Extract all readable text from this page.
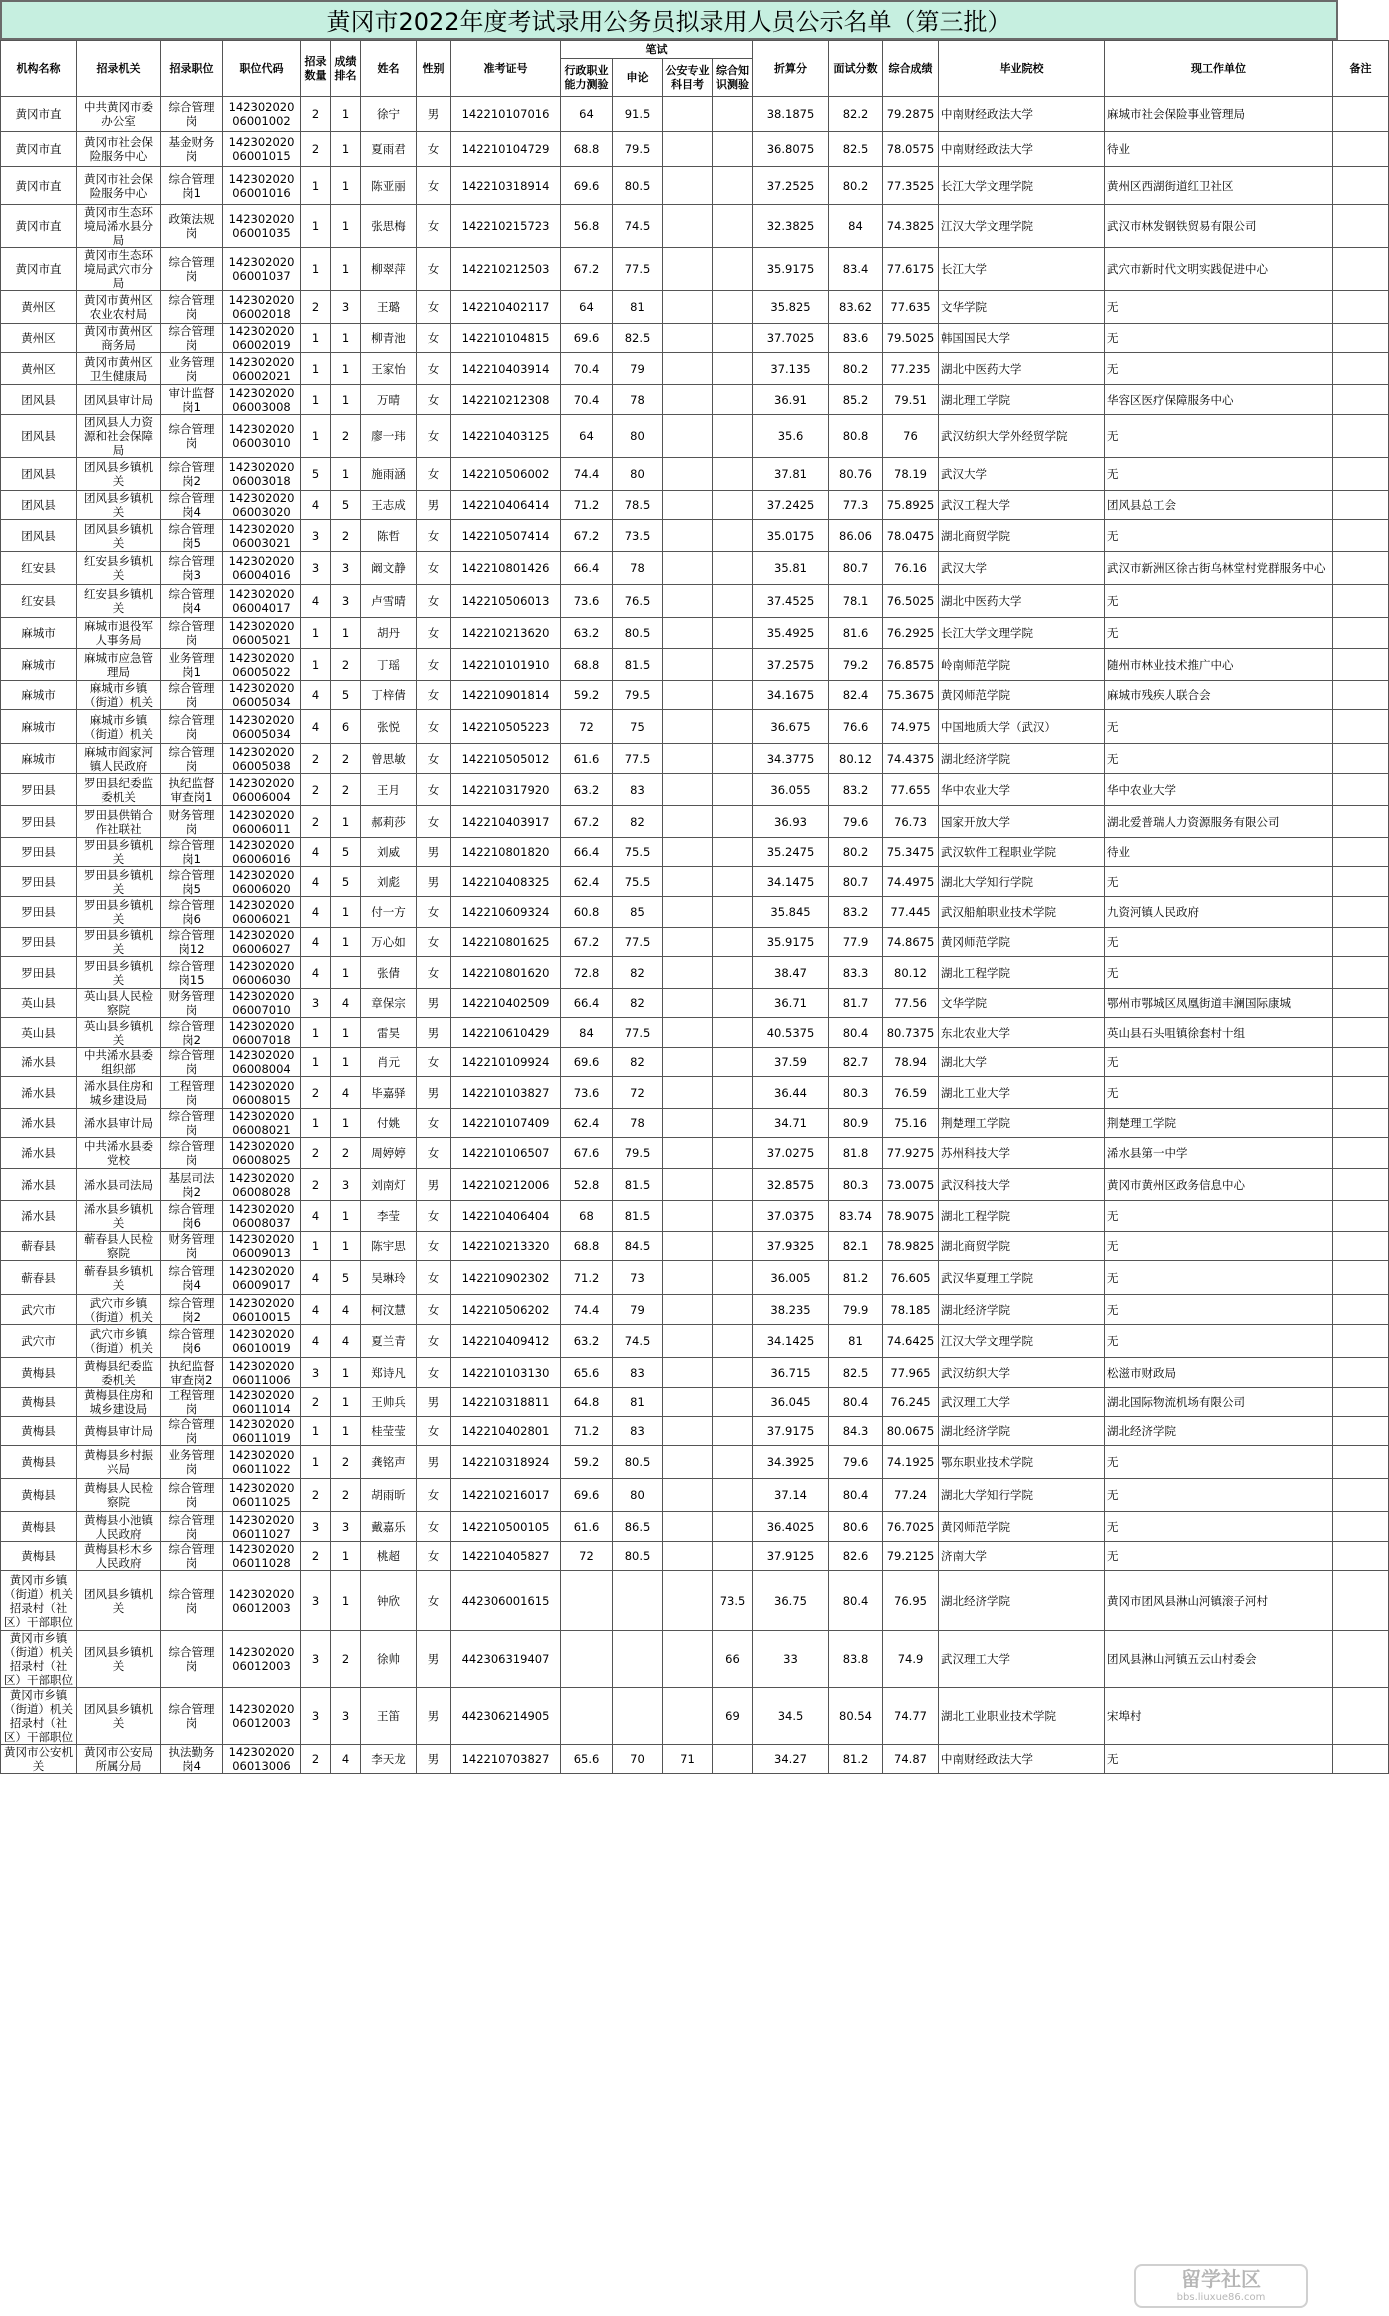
黄冈市2022年度考试录用公务员拟录用人员公示名单（第三批）
机构名称	招录机关	招录职位	职位代码	招录数量	成绩排名	姓名	性别	准考证号	笔试				折算分	面试分数	综合成绩	毕业院校	现工作单位	备注
									行政职业能力测验	申论	公安专业科目考	综合知识测验						
黄冈市直	中共黄冈市委办公室	综合管理岗	14230202006001002	2	1	徐宁	男	142210107016	64	91.5			38.1875	82.2	79.2875	中南财经政法大学	麻城市社会保险事业管理局	
黄冈市直	黄冈市社会保险服务中心	基金财务岗	14230202006001015	2	1	夏雨君	女	142210104729	68.8	79.5			36.8075	82.5	78.0575	中南财经政法大学	待业	
黄冈市直	黄冈市社会保险服务中心	综合管理岗1	14230202006001016	1	1	陈亚丽	女	142210318914	69.6	80.5			37.2525	80.2	77.3525	长江大学文理学院	黄州区西湖街道红卫社区	
黄冈市直	黄冈市生态环境局浠水县分局	政策法规岗	14230202006001035	1	1	张思梅	女	142210215723	56.8	74.5			32.3825	84	74.3825	江汉大学文理学院	武汉市林发钢铁贸易有限公司	
黄冈市直	黄冈市生态环境局武穴市分局	综合管理岗	14230202006001037	1	1	柳翠萍	女	142210212503	67.2	77.5			35.9175	83.4	77.6175	长江大学	武穴市新时代文明实践促进中心	
黄州区	黄冈市黄州区农业农村局	综合管理岗	14230202006002018	2	3	王璐	女	142210402117	64	81			35.825	83.62	77.635	文华学院	无	
黄州区	黄冈市黄州区商务局	综合管理岗	14230202006002019	1	1	柳青池	女	142210104815	69.6	82.5			37.7025	83.6	79.5025	韩国国民大学	无	
黄州区	黄冈市黄州区卫生健康局	业务管理岗	14230202006002021	1	1	王家怡	女	142210403914	70.4	79			37.135	80.2	77.235	湖北中医药大学	无	
团风县	团风县审计局	审计监督岗1	14230202006003008	1	1	万晴	女	142210212308	70.4	78			36.91	85.2	79.51	湖北理工学院	华容区医疗保障服务中心	
团风县	团风县人力资源和社会保障局	综合管理岗	14230202006003010	1	2	廖一玮	女	142210403125	64	80			35.6	80.8	76	武汉纺织大学外经贸学院	无	
团风县	团风县乡镇机关	综合管理岗2	14230202006003018	5	1	施雨涵	女	142210506002	74.4	80			37.81	80.76	78.19	武汉大学	无	
团风县	团风县乡镇机关	综合管理岗4	14230202006003020	4	5	王志成	男	142210406414	71.2	78.5			37.2425	77.3	75.8925	武汉工程大学	团风县总工会	
团风县	团风县乡镇机关	综合管理岗5	14230202006003021	3	2	陈哲	女	142210507414	67.2	73.5			35.0175	86.06	78.0475	湖北商贸学院	无	
红安县	红安县乡镇机关	综合管理岗3	14230202006004016	3	3	阚文静	女	142210801426	66.4	78			35.81	80.7	76.16	武汉大学	武汉市新洲区徐古街乌林堂村党群服务中心	
红安县	红安县乡镇机关	综合管理岗4	14230202006004017	4	3	卢雪晴	女	142210506013	73.6	76.5			37.4525	78.1	76.5025	湖北中医药大学	无	
麻城市	麻城市退役军人事务局	综合管理岗	14230202006005021	1	1	胡丹	女	142210213620	63.2	80.5			35.4925	81.6	76.2925	长江大学文理学院	无	
麻城市	麻城市应急管理局	业务管理岗1	14230202006005022	1	2	丁瑶	女	142210101910	68.8	81.5			37.2575	79.2	76.8575	岭南师范学院	随州市林业技术推广中心	
麻城市	麻城市乡镇（街道）机关	综合管理岗	14230202006005034	4	5	丁梓倩	女	142210901814	59.2	79.5			34.1675	82.4	75.3675	黄冈师范学院	麻城市残疾人联合会	
麻城市	麻城市乡镇（街道）机关	综合管理岗	14230202006005034	4	6	张悦	女	142210505223	72	75			36.675	76.6	74.975	中国地质大学（武汉）	无	
麻城市	麻城市阎家河镇人民政府	综合管理岗	14230202006005038	2	2	曾思敏	女	142210505012	61.6	77.5			34.3775	80.12	74.4375	湖北经济学院	无	
罗田县	罗田县纪委监委机关	执纪监督审查岗1	14230202006006004	2	2	王月	女	142210317920	63.2	83			36.055	83.2	77.655	华中农业大学	华中农业大学	
罗田县	罗田县供销合作社联社	财务管理岗	14230202006006011	2	1	郝莉莎	女	142210403917	67.2	82			36.93	79.6	76.73	国家开放大学	湖北爱普瑞人力资源服务有限公司	
罗田县	罗田县乡镇机关	综合管理岗1	14230202006006016	4	5	刘威	男	142210801820	66.4	75.5			35.2475	80.2	75.3475	武汉软件工程职业学院	待业	
罗田县	罗田县乡镇机关	综合管理岗5	14230202006006020	4	5	刘彪	男	142210408325	62.4	75.5			34.1475	80.7	74.4975	湖北大学知行学院	无	
罗田县	罗田县乡镇机关	综合管理岗6	14230202006006021	4	1	付一方	女	142210609324	60.8	85			35.845	83.2	77.445	武汉船舶职业技术学院	九资河镇人民政府	
罗田县	罗田县乡镇机关	综合管理岗12	14230202006006027	4	1	万心如	女	142210801625	67.2	77.5			35.9175	77.9	74.8675	黄冈师范学院	无	
罗田县	罗田县乡镇机关	综合管理岗15	14230202006006030	4	1	张倩	女	142210801620	72.8	82			38.47	83.3	80.12	湖北工程学院	无	
英山县	英山县人民检察院	财务管理岗	14230202006007010	3	4	章保宗	男	142210402509	66.4	82			36.71	81.7	77.56	文华学院	鄂州市鄂城区凤凰街道丰澜国际康城	
英山县	英山县乡镇机关	综合管理岗2	14230202006007018	1	1	雷昊	男	142210610429	84	77.5			40.5375	80.4	80.7375	东北农业大学	英山县石头咀镇徐套村十组	
浠水县	中共浠水县委组织部	综合管理岗	14230202006008004	1	1	肖元	女	142210109924	69.6	82			37.59	82.7	78.94	湖北大学	无	
浠水县	浠水县住房和城乡建设局	工程管理岗	14230202006008015	2	4	毕嘉驿	男	142210103827	73.6	72			36.44	80.3	76.59	湖北工业大学	无	
浠水县	浠水县审计局	综合管理岗	14230202006008021	1	1	付姚	女	142210107409	62.4	78			34.71	80.9	75.16	荆楚理工学院	荆楚理工学院	
浠水县	中共浠水县委党校	综合管理岗	14230202006008025	2	2	周婷婷	女	142210106507	67.6	79.5			37.0275	81.8	77.9275	苏州科技大学	浠水县第一中学	
浠水县	浠水县司法局	基层司法岗2	14230202006008028	2	3	刘南灯	男	142210212006	52.8	81.5			32.8575	80.3	73.0075	武汉科技大学	黄冈市黄州区政务信息中心	
浠水县	浠水县乡镇机关	综合管理岗6	14230202006008037	4	1	李莹	女	142210406404	68	81.5			37.0375	83.74	78.9075	湖北工程学院	无	
蕲春县	蕲春县人民检察院	财务管理岗	14230202006009013	1	1	陈宇思	女	142210213320	68.8	84.5			37.9325	82.1	78.9825	湖北商贸学院	无	
蕲春县	蕲春县乡镇机关	综合管理岗4	14230202006009017	4	5	吴琳玲	女	142210902302	71.2	73			36.005	81.2	76.605	武汉华夏理工学院	无	
武穴市	武穴市乡镇（街道）机关	综合管理岗2	14230202006010015	4	4	柯汶慧	女	142210506202	74.4	79			38.235	79.9	78.185	湖北经济学院	无	
武穴市	武穴市乡镇（街道）机关	综合管理岗6	14230202006010019	4	4	夏兰青	女	142210409412	63.2	74.5			34.1425	81	74.6425	江汉大学文理学院	无	
黄梅县	黄梅县纪委监委机关	执纪监督审查岗2	14230202006011006	3	1	郑诗凡	女	142210103130	65.6	83			36.715	82.5	77.965	武汉纺织大学	松滋市财政局	
黄梅县	黄梅县住房和城乡建设局	工程管理岗	14230202006011014	2	1	王帅兵	男	142210318811	64.8	81			36.045	80.4	76.245	武汉理工大学	湖北国际物流机场有限公司	
黄梅县	黄梅县审计局	综合管理岗	14230202006011019	1	1	桂莹莹	女	142210402801	71.2	83			37.9175	84.3	80.0675	湖北经济学院	湖北经济学院	
黄梅县	黄梅县乡村振兴局	业务管理岗	14230202006011022	1	2	龚铭声	男	142210318924	59.2	80.5			34.3925	79.6	74.1925	鄂东职业技术学院	无	
黄梅县	黄梅县人民检察院	综合管理岗	14230202006011025	2	2	胡雨昕	女	142210216017	69.6	80			37.14	80.4	77.24	湖北大学知行学院	无	
黄梅县	黄梅县小池镇人民政府	综合管理岗	14230202006011027	3	3	戴嘉乐	女	142210500105	61.6	86.5			36.4025	80.6	76.7025	黄冈师范学院	无	
黄梅县	黄梅县杉木乡人民政府	综合管理岗	14230202006011028	2	1	桃超	女	142210405827	72	80.5			37.9125	82.6	79.2125	济南大学	无	
黄冈市乡镇（街道）机关招录村（社区）干部职位	团风县乡镇机关	综合管理岗	14230202006012003	3	1	钟欣	女	442306001615				73.5	36.75	80.4	76.95	湖北经济学院	黄冈市团风县淋山河镇滚子河村	
黄冈市乡镇（街道）机关招录村（社区）干部职位	团风县乡镇机关	综合管理岗	14230202006012003	3	2	徐帅	男	442306319407				66	33	83.8	74.9	武汉理工大学	团风县淋山河镇五云山村委会	
黄冈市乡镇（街道）机关招录村（社区）干部职位	团风县乡镇机关	综合管理岗	14230202006012003	3	3	王笛	男	442306214905				69	34.5	80.54	74.77	湖北工业职业技术学院	宋埠村	
黄冈市公安机关	黄冈市公安局所属分局	执法勤务岗4	14230202006013006	2	4	李天龙	男	142210703827	65.6	70	71		34.27	81.2	74.87	中南财经政法大学	无	
留学社区
bbs.liuxue86.com
